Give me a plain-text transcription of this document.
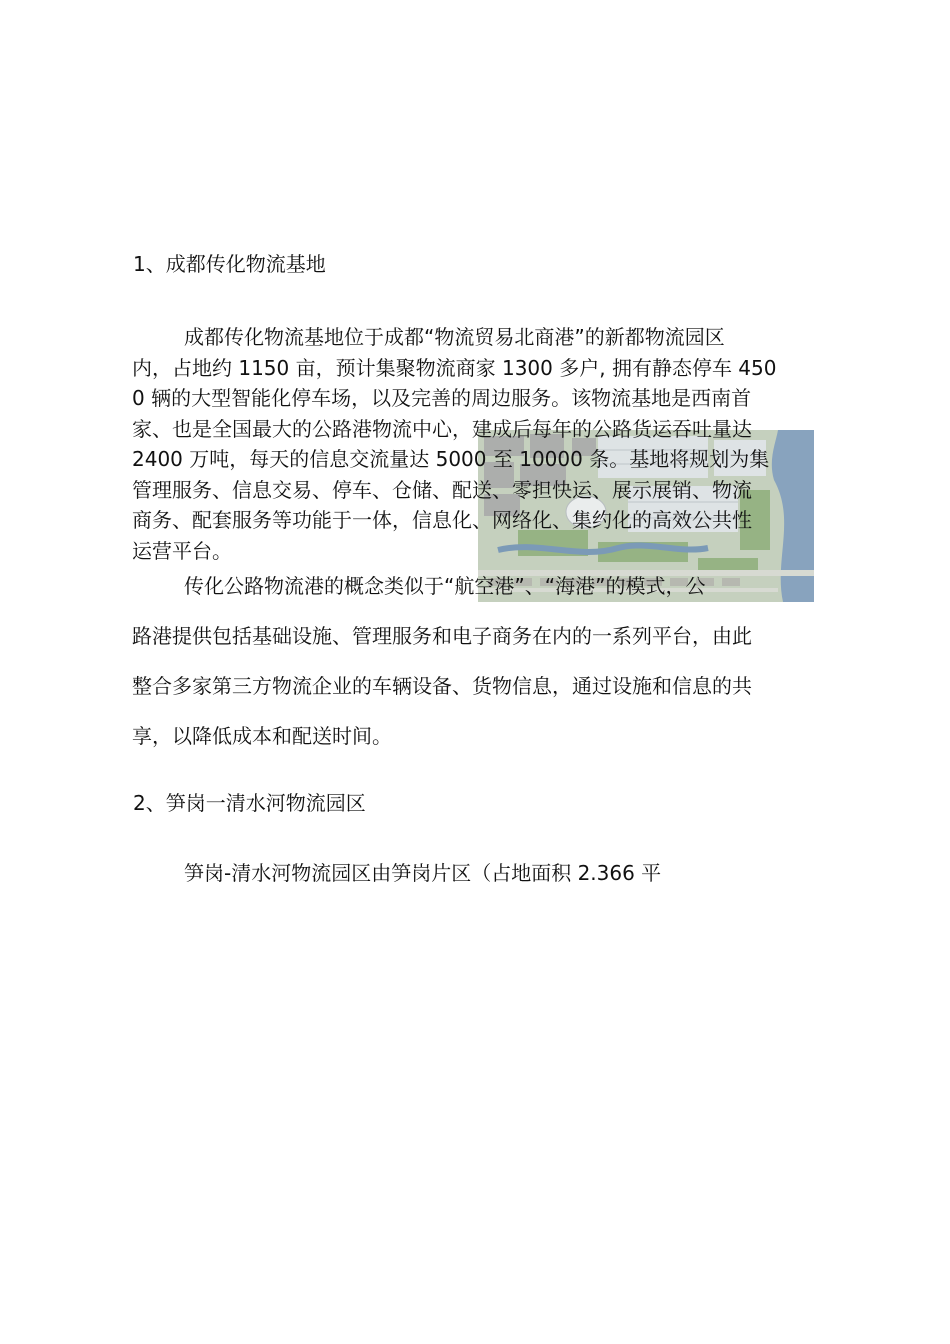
1、成都传化物流基地
成都传化物流基地位于成都“物流贸易北商港”的新都物流园区
内，占地约 1150 亩，预计集聚物流商家 1300 多户, 拥有静态停车 450
0 辆的大型智能化停车场，以及完善的周边服务。该物流基地是西南首
家、也是全国最大的公路港物流中心，建成后每年的公路货运吞吐量达
2400 万吨，每天的信息交流量达 5000 至 10000 条。基地将规划为集
管理服务、信息交易、停车、仓储、配送、零担快运、展示展销、物流
商务、配套服务等功能于一体，信息化、网络化、集约化的高效公共性
运营平台。
传化公路物流港的概念类似于“航空港”、“海港”的模式，公
路港提供包括基础设施、管理服务和电子商务在内的一系列平台，由此
整合多家第三方物流企业的车辆设备、货物信息，通过设施和信息的共
享，以降低成本和配送时间。
2、笋岗一清水河物流园区
笋岗-清水河物流园区由笋岗片区（占地面积 2.366 平
